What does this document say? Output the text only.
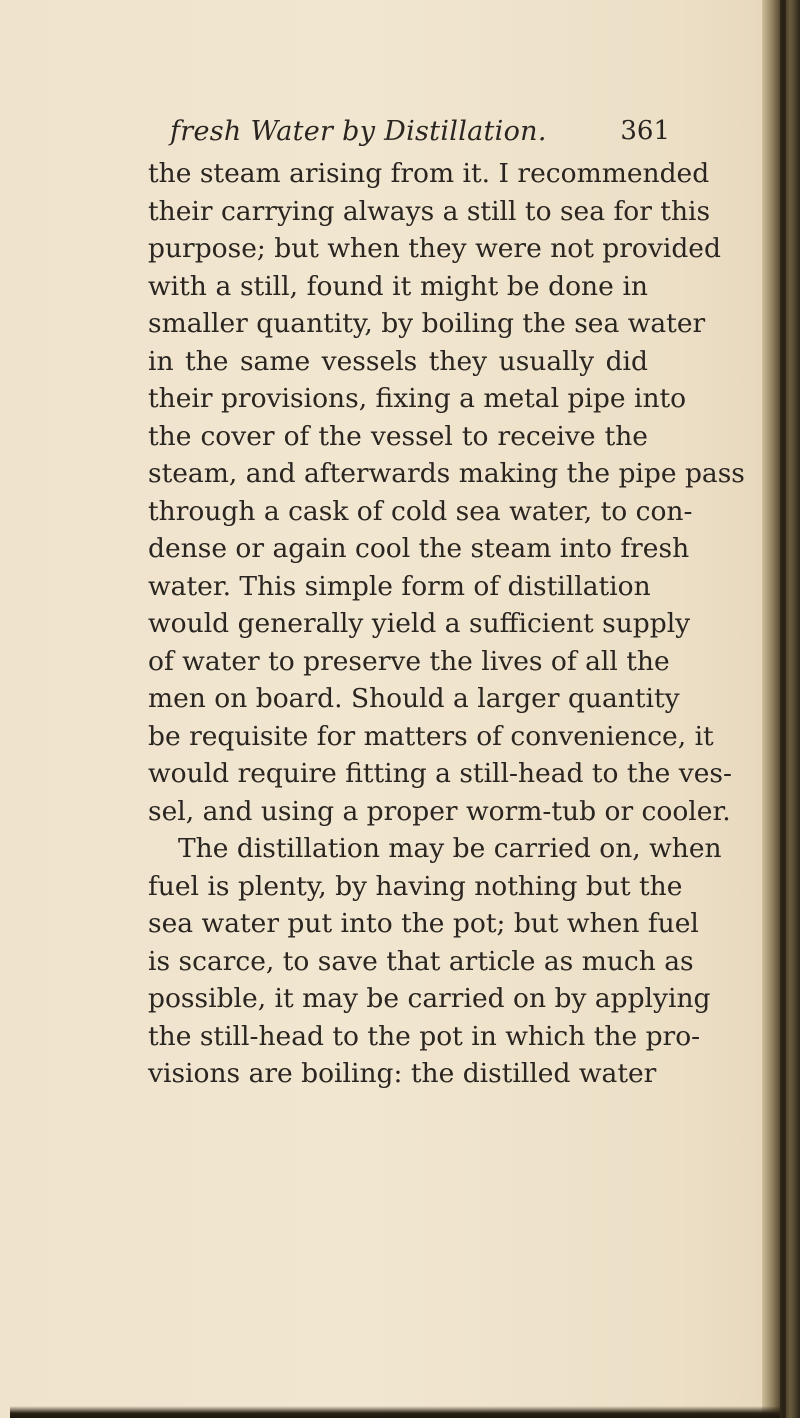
fresh Water by Distillation.	361
the steam arising from it. I recommended
their carrying always a still to sea for this
purpose; but when they were not provided
with a still, found it might be done in
smaller quantity, by boiling the sea water
in the same vessels they usually did
their provisions, fixing a metal pipe into
the cover of the vessel to receive the
steam, and afterwards making the pipe pass
through a cask of cold sea water, to con-
dense or again cool the steam into fresh
water. This simple form of distillation
would generally yield a sufficient supply
of water to preserve the lives of all the
men on board. Should a larger quantity
be requisite for matters of convenience, it
would require fitting a still-head to the ves-
sel, and using a proper worm-tub or cooler.
The distillation may be carried on, when
fuel is plenty, by having nothing but the
sea water put into the pot; but when fuel
is scarce, to save that article as much as
possible, it may be carried on by applying
the still-head to the pot in which the pro-
visions are boiling: the distilled water
